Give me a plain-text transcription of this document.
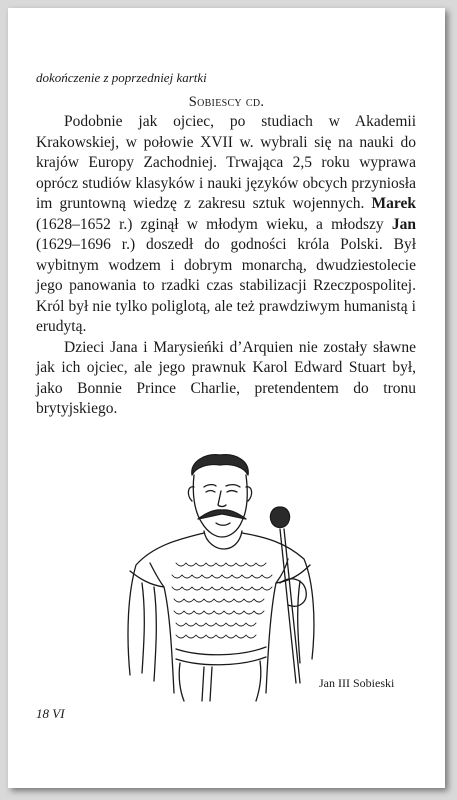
dokończenie z poprzedniej kartki
Sobiescy cd.

Podobnie jak ojciec, po studiach w Akademii Krakowskiej, w połowie XVII w. wybrali się na nauki do krajów Europy Zachodniej. Trwająca 2,5 roku wyprawa oprócz studiów klasyków i nauki języków obcych przyniosła im gruntowną wiedzę z zakresu sztuk wojennych. Marek (1628–1652 r.) zginął w młodym wieku, a młodszy Jan (1629–1696 r.) doszedł do godności króla Polski. Był wybitnym wodzem i dobrym monarchą, dwudziestolecie jego panowania to rzadki czas stabilizacji Rzeczpospolitej. Król był nie tylko poliglotą, ale też prawdziwym humanistą i erudytą.

Dzieci Jana i Marysieńki d’Arquien nie zostały sławne jak ich ojciec, ale jego prawnuk Karol Edward Stuart był, jako Bonnie Prince Charlie, pretendentem do tronu brytyjskiego.

Jan III Sobieski
18 VI
